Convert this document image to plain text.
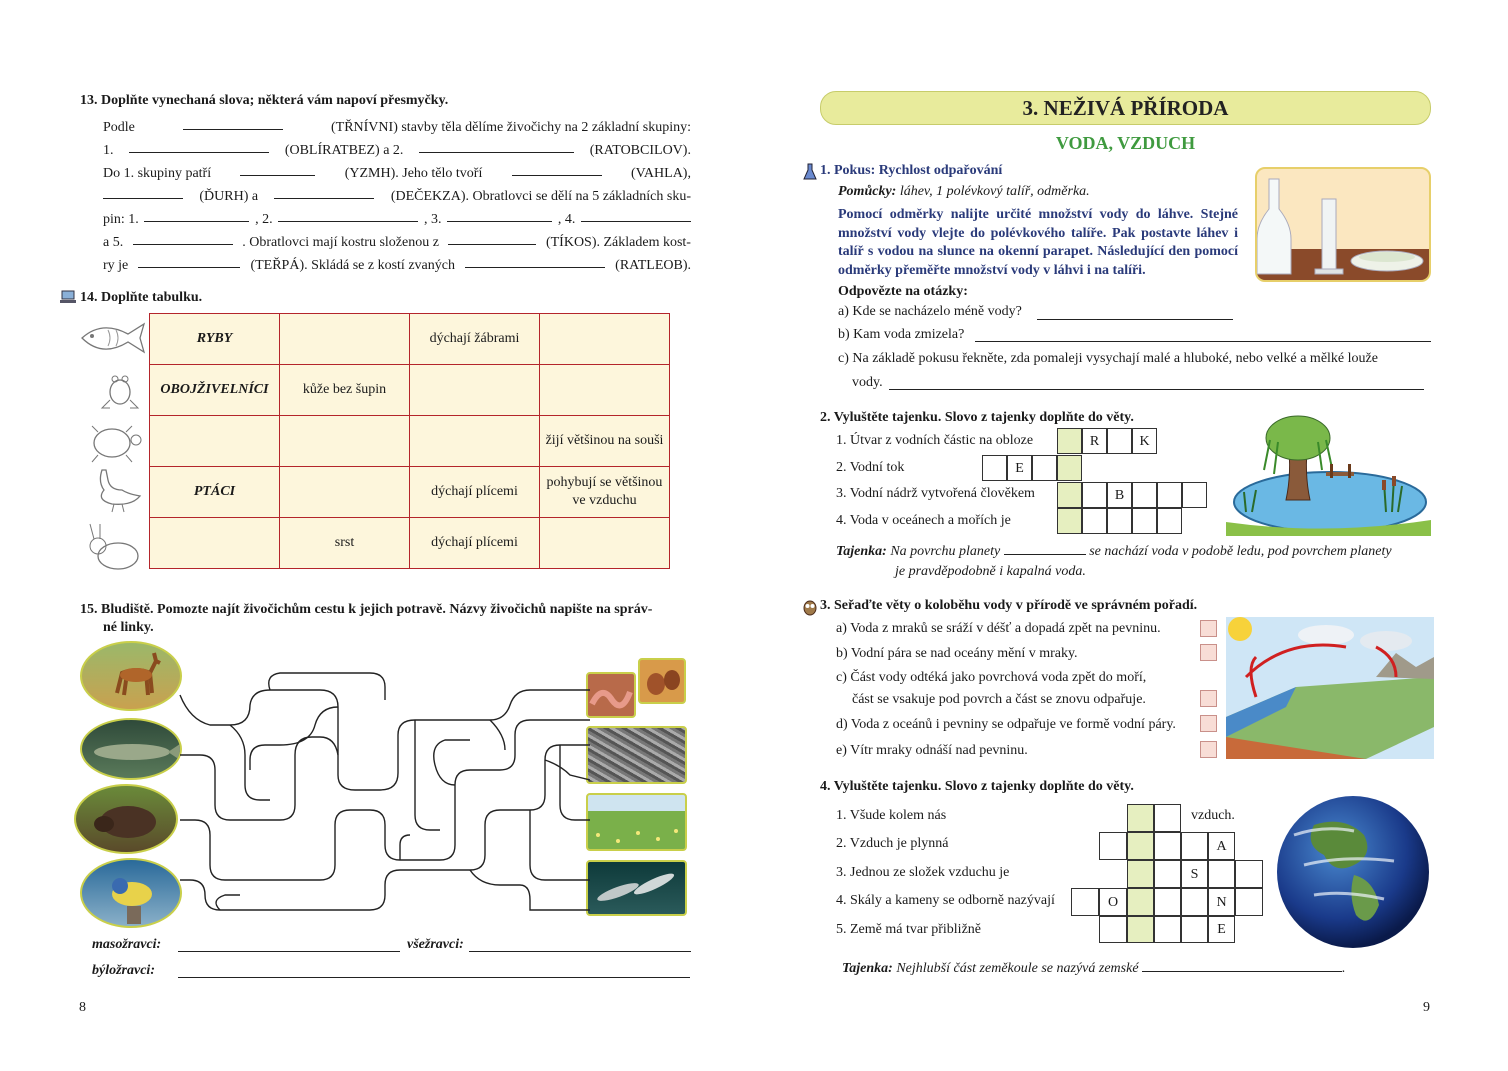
13. Doplňte vynechaná slova; některá vám napoví přesmyčky.
Podle	(TŘNÍVNI) stavby těla dělíme živočichy na 2 základní skupiny:
1.	(OBLÍRATBEZ) a 2.	(RATOBCILOV).
Do 1. skupiny patří	(YZMH). Jeho tělo tvoří	(VAHLA),
(ĎURH) a	(DEČEKZA). Obratlovci se dělí na 5 základních sku-
pin: 1.	, 2.	, 3.	, 4.
a 5.	. Obratlovci mají kostru složenou z	(TÍKOS). Základem kost-
ry je	(TEŘPÁ). Skládá se z kostí zvaných	(RATLEOB).
14. Doplňte tabulku.
RYBY		dýchají žábrami	
OBOJŽIVELNÍCI	kůže bez šupin		
			žijí většinou na souši
PTÁCI		dýchají plícemi	pohybují se většinou ve vzduchu
	srst	dýchají plícemi	
15. Bludiště. Pomozte najít živočichům cestu k jejich potravě. Názvy živočichů napište na správ-
né linky.
masožravci:	všežravci:
býložravci:
8
3. NEŽIVÁ PŘÍRODA
VODA, VZDUCH
1. Pokus: Rychlost odpařování
Pomůcky: láhev, 1 polévkový talíř, odměrka.
Pomocí odměrky nalijte určité množství vody do láhve. Stejné množství vody vlejte do polévkového talíře. Pak postavte láhev i talíř s vodou na slunce na okenní parapet. Následující den pomocí odměrky přeměřte množství vody v láhvi i na talíři.
Odpovězte na otázky:
a) Kde se nacházelo méně vody?
b) Kam voda zmizela?
c) Na základě pokusu řekněte, zda pomaleji vysychají malé a hluboké, nebo velké a mělké louže
vody.
2. Vyluštěte tajenku. Slovo z tajenky doplňte do věty.
1. Útvar z vodních částic na obloze
2. Vodní tok
3. Vodní nádrž vytvořená člověkem
4. Voda v oceánech a mořích je
R	K
E
B
Tajenka: Na povrchu planety	se nachází voda v podobě ledu, pod povrchem planety
je pravděpodobně i kapalná voda.
3. Seřaďte věty o koloběhu vody v přírodě ve správném pořadí.
a) Voda z mraků se sráží v déšť a dopadá zpět na pevninu.
b) Vodní pára se nad oceány mění v mraky.
c) Část vody odtéká jako povrchová voda zpět do moří,
část se vsakuje pod povrch a část se znovu odpařuje.
d) Voda z oceánů i pevniny se odpařuje ve formě vodní páry.
e) Vítr mraky odnáší nad pevninu.
4. Vyluštěte tajenku. Slovo z tajenky doplňte do věty.
1. Všude kolem nás
2. Vzduch je plynná
3. Jednou ze složek vzduchu je
4. Skály a kameny se odborně nazývají
5. Země má tvar přibližně
vzduch.
A
S
O	N
E
Tajenka: Nejhlubší část zeměkoule se nazývá zemské	.
9
